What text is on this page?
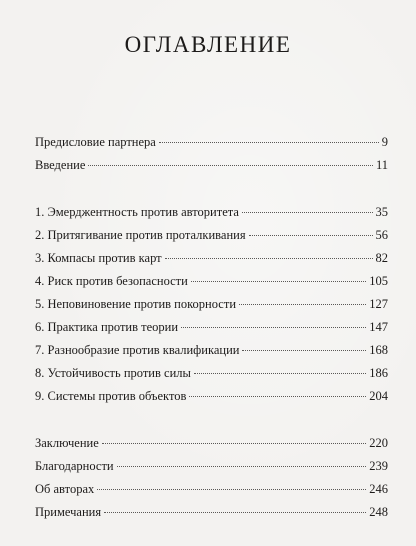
ОГЛАВЛЕНИЕ
Предисловие партнера	9
Введение	11
1. Эмерджентность против авторитета	35
2. Притягивание против проталкивания	56
3. Компасы против карт	82
4. Риск против безопасности	105
5. Неповиновение против покорности	127
6. Практика против теории	147
7. Разнообразие против квалификации	168
8. Устойчивость против силы	186
9. Системы против объектов	204
Заключение	220
Благодарности	239
Об авторах	246
Примечания	248
